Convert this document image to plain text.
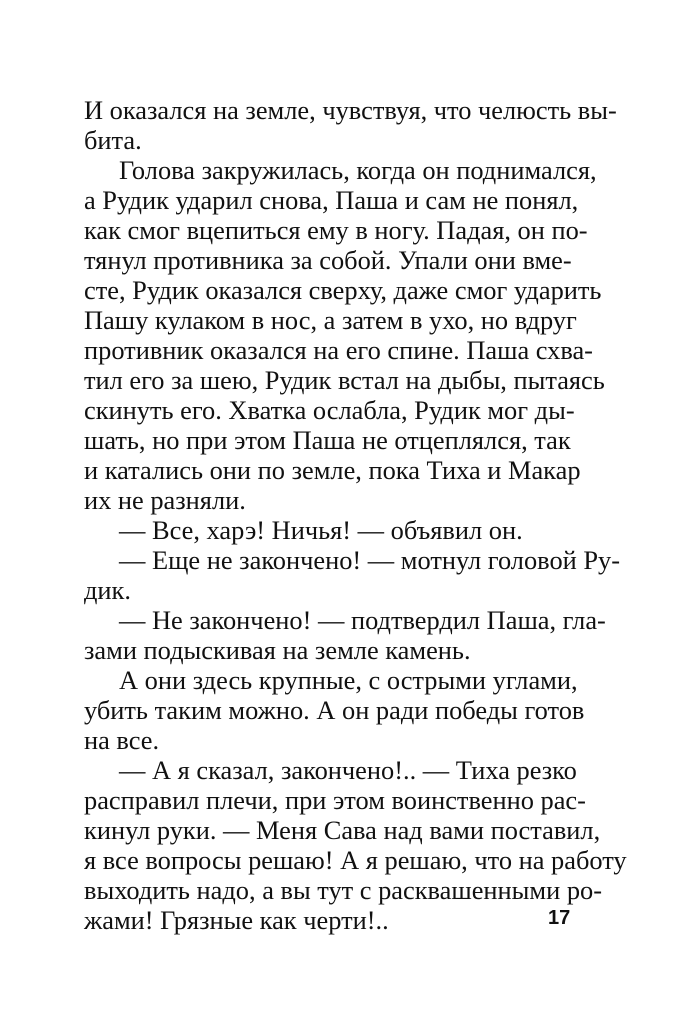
И оказался на земле, чувствуя, что челюсть вы-
бита.
Голова закружилась, когда он поднимался,
а Рудик ударил снова, Паша и сам не понял,
как смог вцепиться ему в ногу. Падая, он по-
тянул противника за собой. Упали они вме-
сте, Рудик оказался сверху, даже смог ударить
Пашу кулаком в нос, а затем в ухо, но вдруг
противник оказался на его спине. Паша схва-
тил его за шею, Рудик встал на дыбы, пытаясь
скинуть его. Хватка ослабла, Рудик мог ды-
шать, но при этом Паша не отцеплялся, так
и катались они по земле, пока Тиха и Макар
их не разняли.
— Все, харэ! Ничья! — объявил он.
— Еще не закончено! — мотнул головой Ру-
дик.
— Не закончено! — подтвердил Паша, гла-
зами подыскивая на земле камень.
А они здесь крупные, с острыми углами,
убить таким можно. А он ради победы готов
на все.
— А я сказал, закончено!.. — Тиха резко
расправил плечи, при этом воинственно рас-
кинул руки. — Меня Сава над вами поставил,
я все вопросы решаю! А я решаю, что на работу
выходить надо, а вы тут с расквашенными ро-
жами! Грязные как черти!..	17
